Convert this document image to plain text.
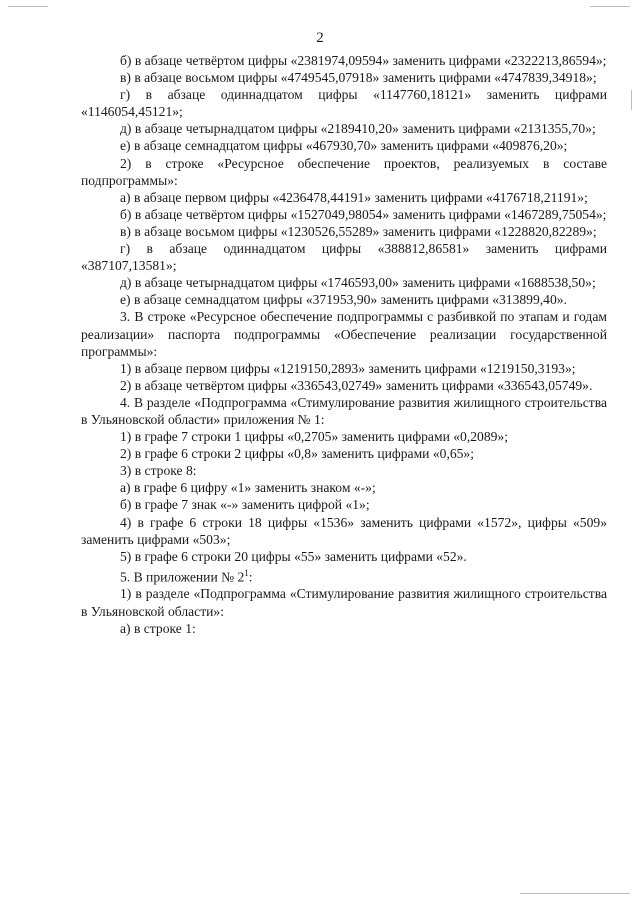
2

б) в абзаце четвёртом цифры «2381974,09594» заменить цифрами «2322213,86594»;

в) в абзаце восьмом цифры «4749545,07918» заменить цифрами «4747839,34918»;

г) в абзаце одиннадцатом цифры «1147760,18121» заменить цифрами «1146054,45121»;

д) в абзаце четырнадцатом цифры «2189410,20» заменить цифрами «2131355,70»;

е) в абзаце семнадцатом цифры «467930,70» заменить цифрами «409876,20»;

2) в строке «Ресурсное обеспечение проектов, реализуемых в составе подпрограммы»:

а) в абзаце первом цифры «4236478,44191» заменить цифрами «4176718,21191»;

б) в абзаце четвёртом цифры «1527049,98054» заменить цифрами «1467289,75054»;

в) в абзаце восьмом цифры «1230526,55289» заменить цифрами «1228820,82289»;

г) в абзаце одиннадцатом цифры «388812,86581» заменить цифрами «387107,13581»;

д) в абзаце четырнадцатом цифры «1746593,00» заменить цифрами «1688538,50»;

е) в абзаце семнадцатом цифры «371953,90» заменить цифрами «313899,40».

3. В строке «Ресурсное обеспечение подпрограммы с разбивкой по этапам и годам реализации» паспорта подпрограммы «Обеспечение реализации государственной программы»:

1) в абзаце первом цифры «1219150,2893» заменить цифрами «1219150,3193»;

2) в абзаце четвёртом цифры «336543,02749» заменить цифрами «336543,05749».

4. В разделе «Подпрограмма «Стимулирование развития жилищного строительства в Ульяновской области» приложения № 1:

1) в графе 7 строки 1 цифры «0,2705» заменить цифрами «0,2089»;

2) в графе 6 строки 2 цифры «0,8» заменить цифрами «0,65»;

3) в строке 8:

а) в графе 6 цифру «1» заменить знаком «-»;

б) в графе 7 знак «-» заменить цифрой «1»;

4) в графе 6 строки 18 цифры «1536» заменить цифрами «1572», цифры «509» заменить цифрами «503»;

5) в графе 6 строки 20 цифры «55» заменить цифрами «52».

5. В приложении № $2^1$:

1) в разделе «Подпрограмма «Стимулирование развития жилищного строительства в Ульяновской области»:

а) в строке 1:
